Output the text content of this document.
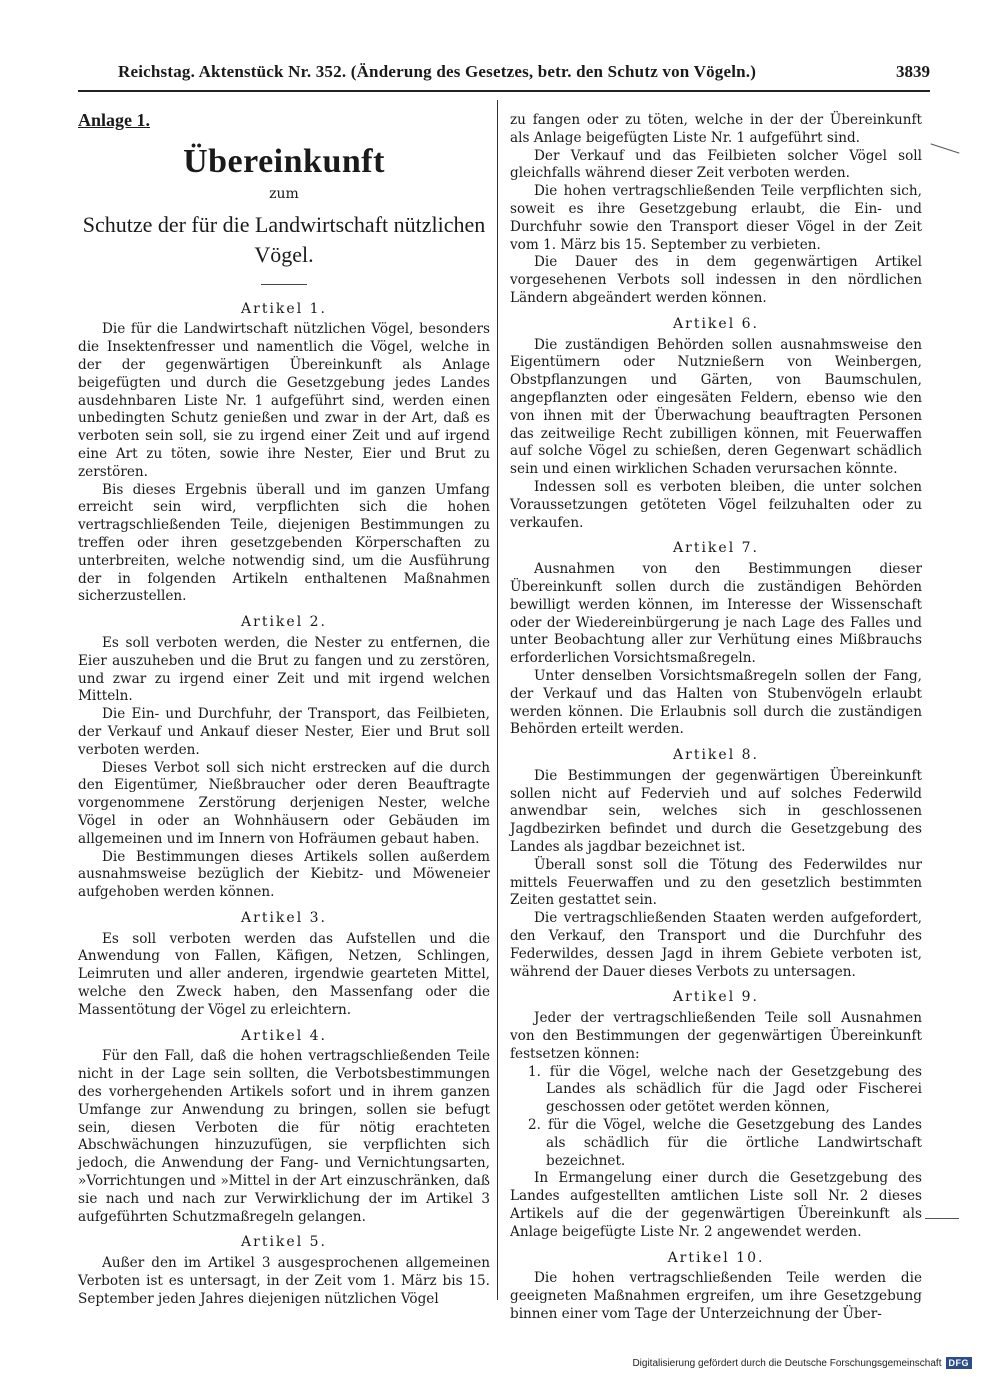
Reichstag. Aktenstück Nr. 352. (Änderung des Gesetzes, betr. den Schutz von Vögeln.)	3839
Anlage 1.
Übereinkunft
zum
Schutze der für die Landwirtschaft nützlichen Vögel.
Artikel 1.

Die für die Landwirtschaft nützlichen Vögel, besonders die Insektenfresser und namentlich die Vögel, welche in der der gegenwärtigen Übereinkunft als Anlage beigefügten und durch die Gesetzgebung jedes Landes ausdehnbaren Liste Nr. 1 aufgeführt sind, werden einen unbedingten Schutz genießen und zwar in der Art, daß es verboten sein soll, sie zu irgend einer Zeit und auf irgend eine Art zu töten, sowie ihre Nester, Eier und Brut zu zerstören.

Bis dieses Ergebnis überall und im ganzen Umfang erreicht sein wird, verpflichten sich die hohen vertragschließenden Teile, diejenigen Bestimmungen zu treffen oder ihren gesetzgebenden Körperschaften zu unterbreiten, welche notwendig sind, um die Ausführung der in folgenden Artikeln enthaltenen Maßnahmen sicherzustellen.

Artikel 2.

Es soll verboten werden, die Nester zu entfernen, die Eier auszuheben und die Brut zu fangen und zu zerstören, und zwar zu irgend einer Zeit und mit irgend welchen Mitteln.

Die Ein- und Durchfuhr, der Transport, das Feilbieten, der Verkauf und Ankauf dieser Nester, Eier und Brut soll verboten werden.

Dieses Verbot soll sich nicht erstrecken auf die durch den Eigentümer, Nießbraucher oder deren Beauftragte vorgenommene Zerstörung derjenigen Nester, welche Vögel in oder an Wohnhäusern oder Gebäuden im allgemeinen und im Innern von Hofräumen gebaut haben.

Die Bestimmungen dieses Artikels sollen außerdem ausnahmsweise bezüglich der Kiebitz- und Möweneier aufgehoben werden können.

Artikel 3.

Es soll verboten werden das Aufstellen und die Anwendung von Fallen, Käfigen, Netzen, Schlingen, Leimruten und aller anderen, irgendwie gearteten Mittel, welche den Zweck haben, den Massenfang oder die Massentötung der Vögel zu erleichtern.

Artikel 4.

Für den Fall, daß die hohen vertragschließenden Teile nicht in der Lage sein sollten, die Verbotsbestimmungen des vorhergehenden Artikels sofort und in ihrem ganzen Umfange zur Anwendung zu bringen, sollen sie befugt sein, diesen Verboten die für nötig erachteten Abschwächungen hinzuzufügen, sie verpflichten sich jedoch, die Anwendung der Fang- und Vernichtungsarten, »Vorrichtungen und »Mittel in der Art einzuschränken, daß sie nach und nach zur Verwirklichung der im Artikel 3 aufgeführten Schutzmaßregeln gelangen.

Artikel 5.

Außer den im Artikel 3 ausgesprochenen allgemeinen Verboten ist es untersagt, in der Zeit vom 1. März bis 15. September jeden Jahres diejenigen nützlichen Vögel

zu fangen oder zu töten, welche in der der Übereinkunft als Anlage beigefügten Liste Nr. 1 aufgeführt sind.

Der Verkauf und das Feilbieten solcher Vögel soll gleichfalls während dieser Zeit verboten werden.

Die hohen vertragschließenden Teile verpflichten sich, soweit es ihre Gesetzgebung erlaubt, die Ein- und Durchfuhr sowie den Transport dieser Vögel in der Zeit vom 1. März bis 15. September zu verbieten.

Die Dauer des in dem gegenwärtigen Artikel vorgesehenen Verbots soll indessen in den nördlichen Ländern abgeändert werden können.

Artikel 6.

Die zuständigen Behörden sollen ausnahmsweise den Eigentümern oder Nutznießern von Weinbergen, Obstpflanzungen und Gärten, von Baumschulen, angepflanzten oder eingesäten Feldern, ebenso wie den von ihnen mit der Überwachung beauftragten Personen das zeitweilige Recht zubilligen können, mit Feuerwaffen auf solche Vögel zu schießen, deren Gegenwart schädlich sein und einen wirklichen Schaden verursachen könnte.

Indessen soll es verboten bleiben, die unter solchen Voraussetzungen getöteten Vögel feilzuhalten oder zu verkaufen.

Artikel 7.

Ausnahmen von den Bestimmungen dieser Übereinkunft sollen durch die zuständigen Behörden bewilligt werden können, im Interesse der Wissenschaft oder der Wiedereinbürgerung je nach Lage des Falles und unter Beobachtung aller zur Verhütung eines Mißbrauchs erforderlichen Vorsichtsmaßregeln.

Unter denselben Vorsichtsmaßregeln sollen der Fang, der Verkauf und das Halten von Stubenvögeln erlaubt werden können. Die Erlaubnis soll durch die zuständigen Behörden erteilt werden.

Artikel 8.

Die Bestimmungen der gegenwärtigen Übereinkunft sollen nicht auf Federvieh und auf solches Federwild anwendbar sein, welches sich in geschlossenen Jagdbezirken befindet und durch die Gesetzgebung des Landes als jagdbar bezeichnet ist.

Überall sonst soll die Tötung des Federwildes nur mittels Feuerwaffen und zu den gesetzlich bestimmten Zeiten gestattet sein.

Die vertragschließenden Staaten werden aufgefordert, den Verkauf, den Transport und die Durchfuhr des Federwildes, dessen Jagd in ihrem Gebiete verboten ist, während der Dauer dieses Verbots zu untersagen.

Artikel 9.

Jeder der vertragschließenden Teile soll Ausnahmen von den Bestimmungen der gegenwärtigen Übereinkunft festsetzen können:

1. für die Vögel, welche nach der Gesetzgebung des Landes als schädlich für die Jagd oder Fischerei geschossen oder getötet werden können,
2. für die Vögel, welche die Gesetzgebung des Landes als schädlich für die örtliche Landwirtschaft bezeichnet.

In Ermangelung einer durch die Gesetzgebung des Landes aufgestellten amtlichen Liste soll Nr. 2 dieses Artikels auf die der gegenwärtigen Übereinkunft als Anlage beigefügte Liste Nr. 2 angewendet werden.

Artikel 10.

Die hohen vertragschließenden Teile werden die geeigneten Maßnahmen ergreifen, um ihre Gesetzgebung binnen einer vom Tage der Unterzeichnung der Über-

Digitalisierung gefördert durch die Deutsche Forschungsgemeinschaft DFG
